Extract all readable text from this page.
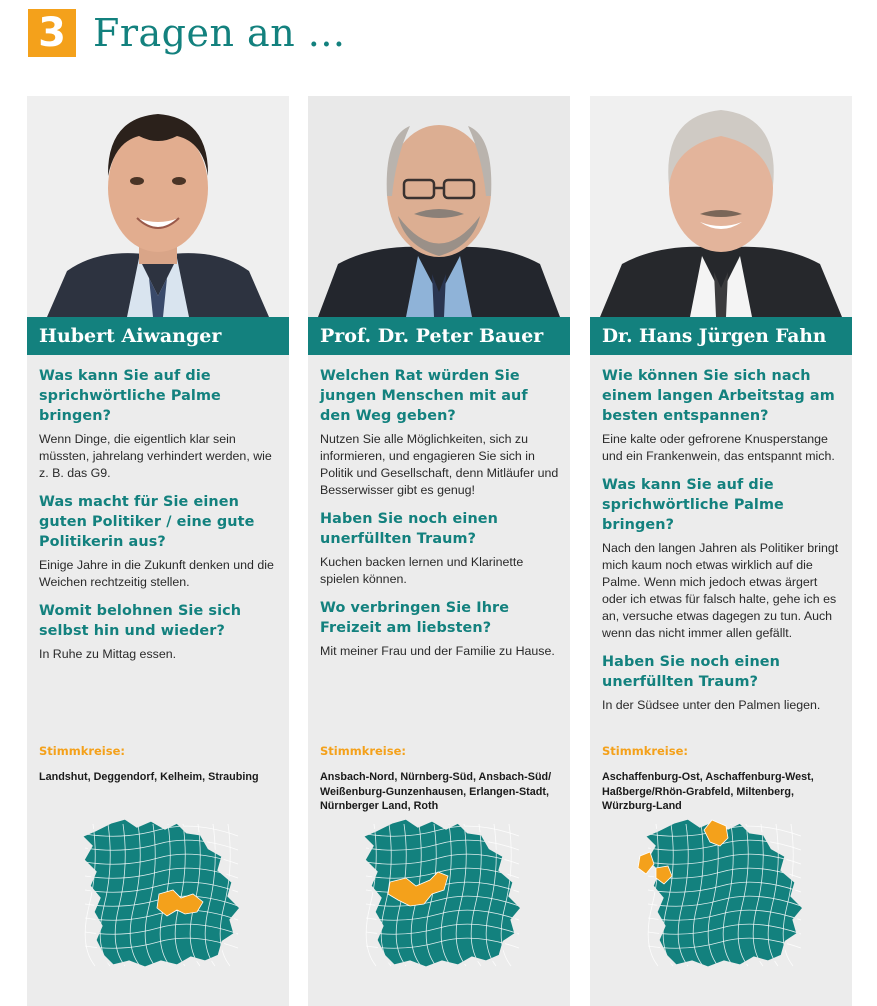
3 Fragen an ...
Hubert Aiwanger
Was kann Sie auf die sprichwörtliche Palme bringen?
Wenn Dinge, die eigentlich klar sein müssten, jahrelang verhindert werden, wie z. B. das G9.
Was macht für Sie einen guten Politiker / eine gute Politikerin aus?
Einige Jahre in die Zukunft denken und die Weichen rechtzeitig stellen.
Womit belohnen Sie sich selbst hin und wieder?
In Ruhe zu Mittag essen.
Stimmkreise:
Landshut, Deggendorf, Kelheim, Straubing
Prof. Dr. Peter Bauer
Welchen Rat würden Sie jungen Menschen mit auf den Weg geben?
Nutzen Sie alle Möglichkeiten, sich zu informieren, und engagieren Sie sich in Politik und Gesellschaft, denn Mitläufer und Besserwisser gibt es genug!
Haben Sie noch einen unerfüllten Traum?
Kuchen backen lernen und Klarinette spielen können.
Wo verbringen Sie Ihre Freizeit am liebsten?
Mit meiner Frau und der Familie zu Hause.
Stimmkreise:
Ansbach-Nord, Nürnberg-Süd, Ansbach-Süd/ Weißenburg-Gunzenhausen, Erlangen-Stadt, Nürnberger Land, Roth
Dr. Hans Jürgen Fahn
Wie können Sie sich nach einem langen Arbeitstag am besten entspannen?
Eine kalte oder gefrorene Knusperstange und ein Frankenwein, das entspannt mich.
Was kann Sie auf die sprichwörtliche Palme bringen?
Nach den langen Jahren als Politiker bringt mich kaum noch etwas wirklich auf die Palme. Wenn mich jedoch etwas ärgert oder ich etwas für falsch halte, gehe ich es an, versuche etwas dagegen zu tun. Auch wenn das nicht immer allen gefällt.
Haben Sie noch einen unerfüllten Traum?
In der Südsee unter den Palmen liegen.
Stimmkreise:
Aschaffenburg-Ost, Aschaffenburg-West, Haßberge/Rhön-Grabfeld, Miltenberg, Würzburg-Land
